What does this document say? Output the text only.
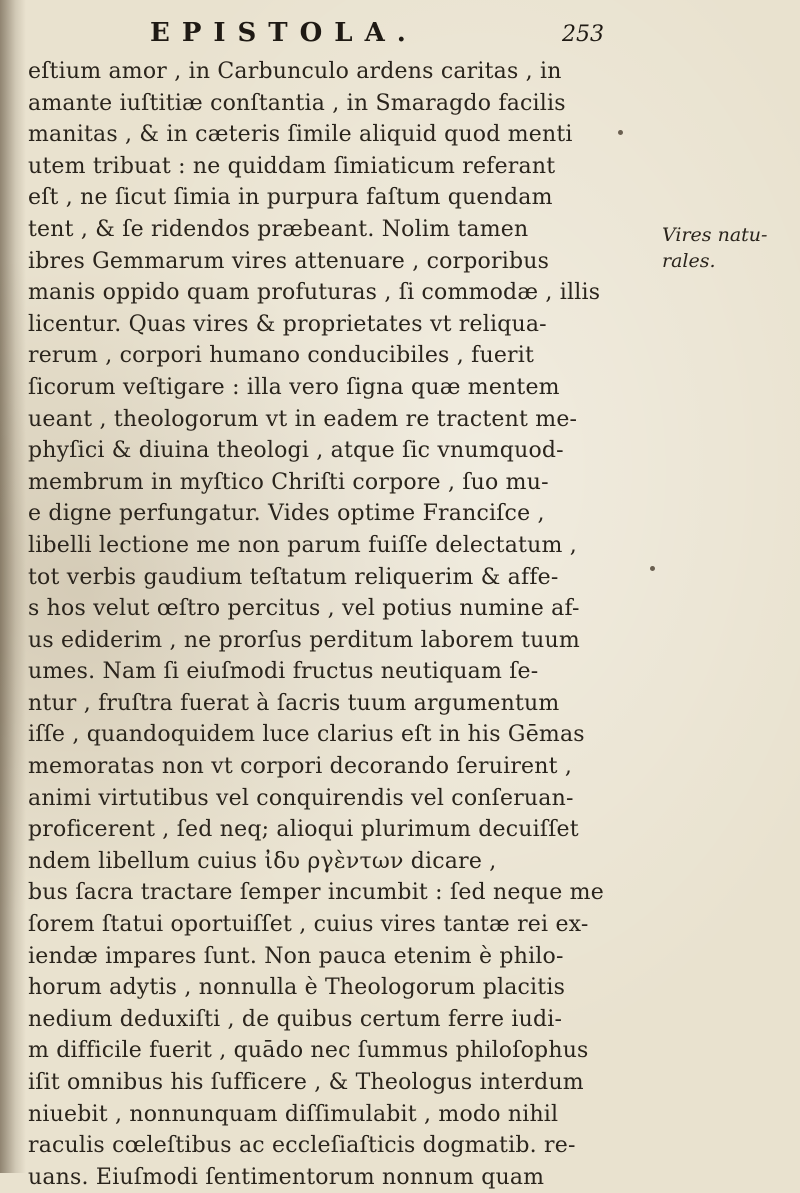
EPISTOLA.	253
eſtium amor , in Carbunculo ardens caritas , in
amante iuſtitiæ conſtantia , in Smaragdo facilis
manitas , & in cæteris ſimile aliquid quod menti
utem tribuat : ne quiddam ſimiaticum referant
eſt , ne ſicut ſimia in purpura faſtum quendam
tent , & ſe ridendos præbeant. Nolim tamen
ibres Gemmarum vires attenuare , corporibus
manis oppido quam profuturas , ſi commodæ , illis
licentur. Quas vires & proprietates vt reliqua-
rerum , corpori humano conducibiles , fuerit
ſicorum veſtigare : illa vero ſigna quæ mentem
ueant , theologorum vt in eadem re tractent me-
phyſici & diuina theologi , atque ſic vnumquod-
membrum in myſtico Chriſti corpore , ſuo mu-
e digne perfungatur. Vides optime Franciſce ,
libelli lectione me non parum fuiſſe delectatum ,
tot verbis gaudium teſtatum reliquerim & affe-
s hos velut œſtro percitus , vel potius numine af-
us ediderim , ne prorſus perditum laborem tuum
umes. Nam ſi eiuſmodi fructus neutiquam ſe-
ntur , fruſtra fuerat à ſacris tuum argumentum
iſſe , quandoquidem luce clarius eſt in his Gēmas
memoratas non vt corpori decorando ſeruirent ,
animi virtutibus vel conquirendis vel conſeruan-
proficerent , ſed neq; alioqui plurimum decuiſſet
ndem libellum cuius ἰδυ ργὲντων dicare ,
bus ſacra tractare ſemper incumbit : ſed neque me
ſorem ſtatui oportuiſſet , cuius vires tantæ rei ex-
iendæ impares ſunt. Non pauca etenim è philo-
horum adytis , nonnulla è Theologorum placitis
nedium deduxiſti , de quibus certum ferre iudi-
m difficile fuerit , quādo nec ſummus philoſophus
iſit omnibus his ſufficere , & Theologus interdum
niuebit , nonnunquam diſſimulabit , modo nihil
raculis cœleſtibus ac eccleſiaſticis dogmatib. re-
uans. Eiuſmodi ſentimentorum nonnum quam
Vires natu-
rales.
